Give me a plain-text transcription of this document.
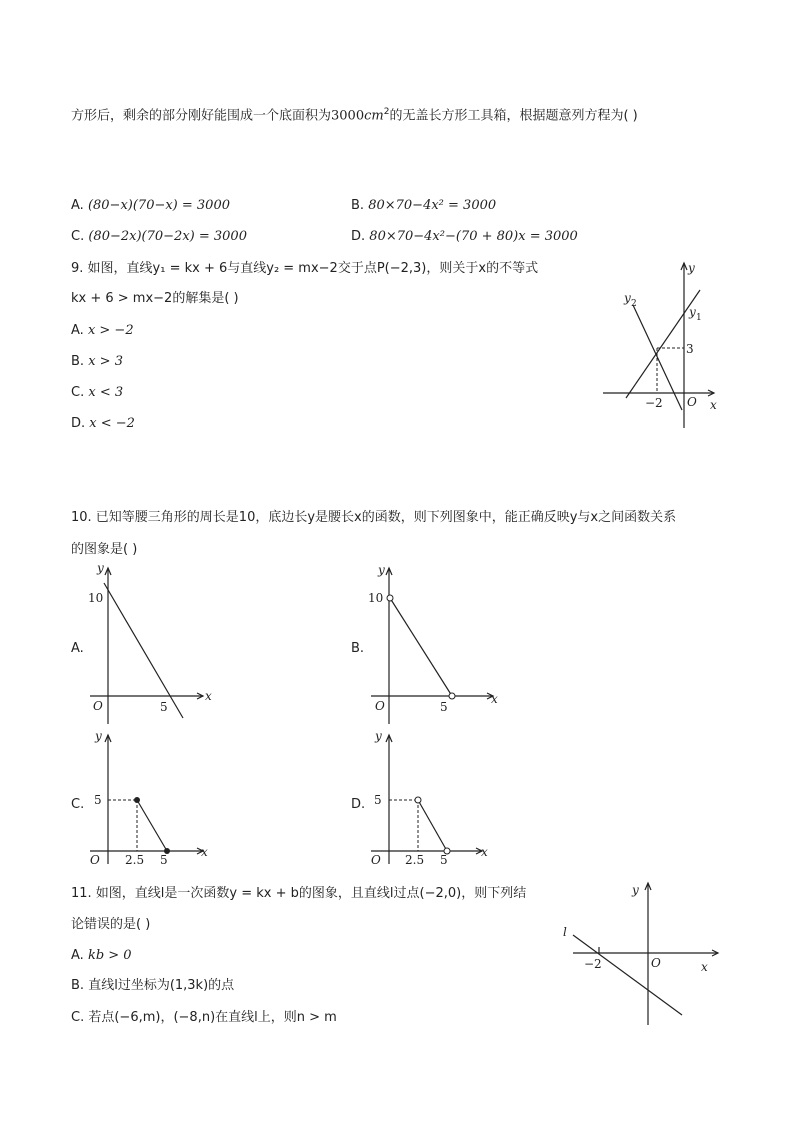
方形后，剩余的部分刚好能围成一个底面积为$3000cm^2$的无盖长方形工具箱，根据题意列方程为( )
A. (80−x)(70−x) = 3000	B. 80×70−4x² = 3000
C. (80−2x)(70−2x) = 3000	D. 80×70−4x²−(70 + 80)x = 3000
9. 如图，直线y₁ = kx + 6与直线y₂ = mx−2交于点P(−2,3)，则关于x的不等式
kx + 6 > mx−2的解集是( )
A. x > −2
B. x > 3
C. x < 3
D. x < −2
y
x
O
y 1
y 2
−2
3
10. 已知等腰三角形的周长是10，底边长y是腰长x的函数，则下列图象中，能正确反映y与x之间函数关系
的图象是( )
A.	B.
C.	D.
y
x
O
10
5
y
x
O
10
5
y
x
O
5
2.5 5
y
x
O
5
2.5 5
11. 如图，直线l是一次函数y = kx + b的图象，且直线l过点(−2,0)，则下列结
论错误的是( )
A. kb > 0
B. 直线l过坐标为(1,3k)的点
C. 若点(−6,m)，(−8,n)在直线l上，则n > m
l
y
x
O
−2
